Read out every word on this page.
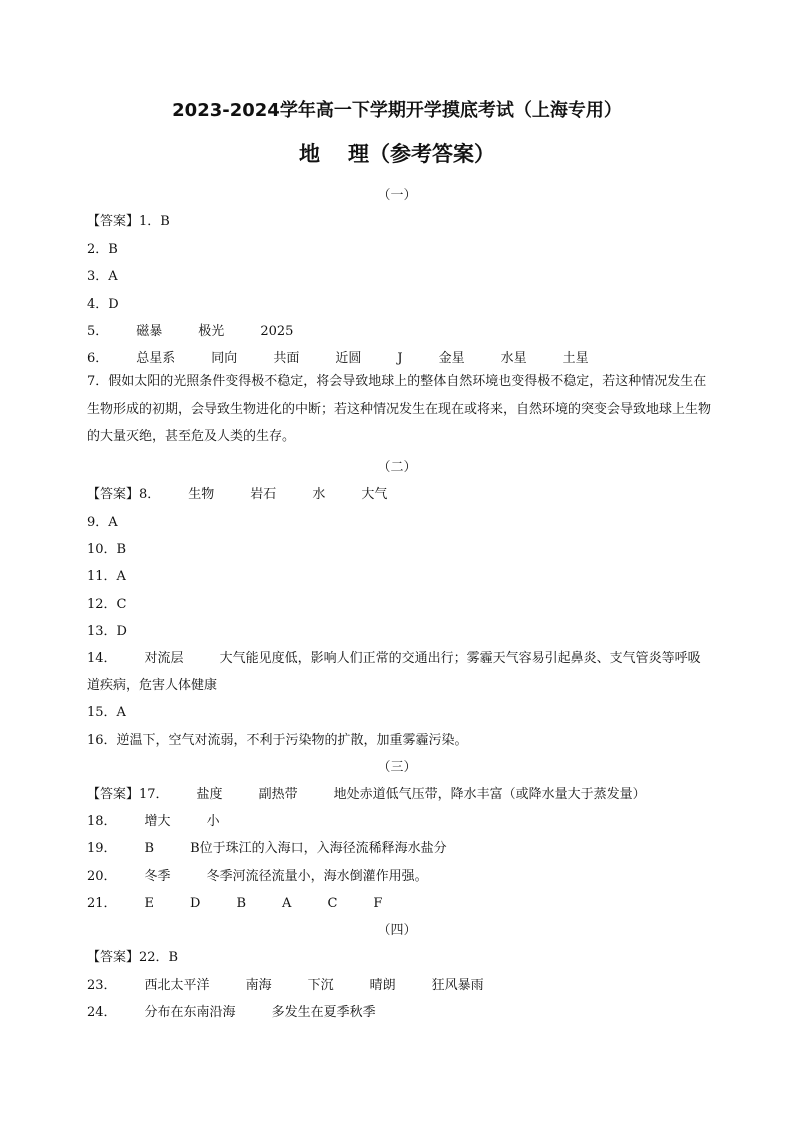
2023-2024学年高一下学期开学摸底考试（上海专用）
地 理（参考答案）
（一）
【答案】1．B
2．B
3．A
4．D
5． 磁暴	极光	2025
6． 总星系	同向	共面	近圆	J	金星	水星	土星
7．假如太阳的光照条件变得极不稳定，将会导致地球上的整体自然环境也变得极不稳定，若这种情况发生在生物形成的初期，会导致生物进化的中断；若这种情况发生在现在或将来，自然环境的突变会导致地球上生物的大量灭绝，甚至危及人类的生存。
（二）
【答案】8． 生物	岩石	水	大气
9．A
10．B
11．A
12．C
13．D
14． 对流层	大气能见度低，影响人们正常的交通出行；雾霾天气容易引起鼻炎、支气管炎等呼吸
道疾病，危害人体健康
15．A
16．逆温下，空气对流弱，不利于污染物的扩散，加重雾霾污染。
（三）
【答案】17． 盐度	副热带	地处赤道低气压带，降水丰富（或降水量大于蒸发量）
18． 增大	小
19． B	B位于珠江的入海口，入海径流稀释海水盐分
20． 冬季	冬季河流径流量小，海水倒灌作用强。
21． E	D	B	A	C	F
（四）
【答案】22．B
23． 西北太平洋	南海	下沉	晴朗	狂风暴雨
24． 分布在东南沿海	多发生在夏季秋季
